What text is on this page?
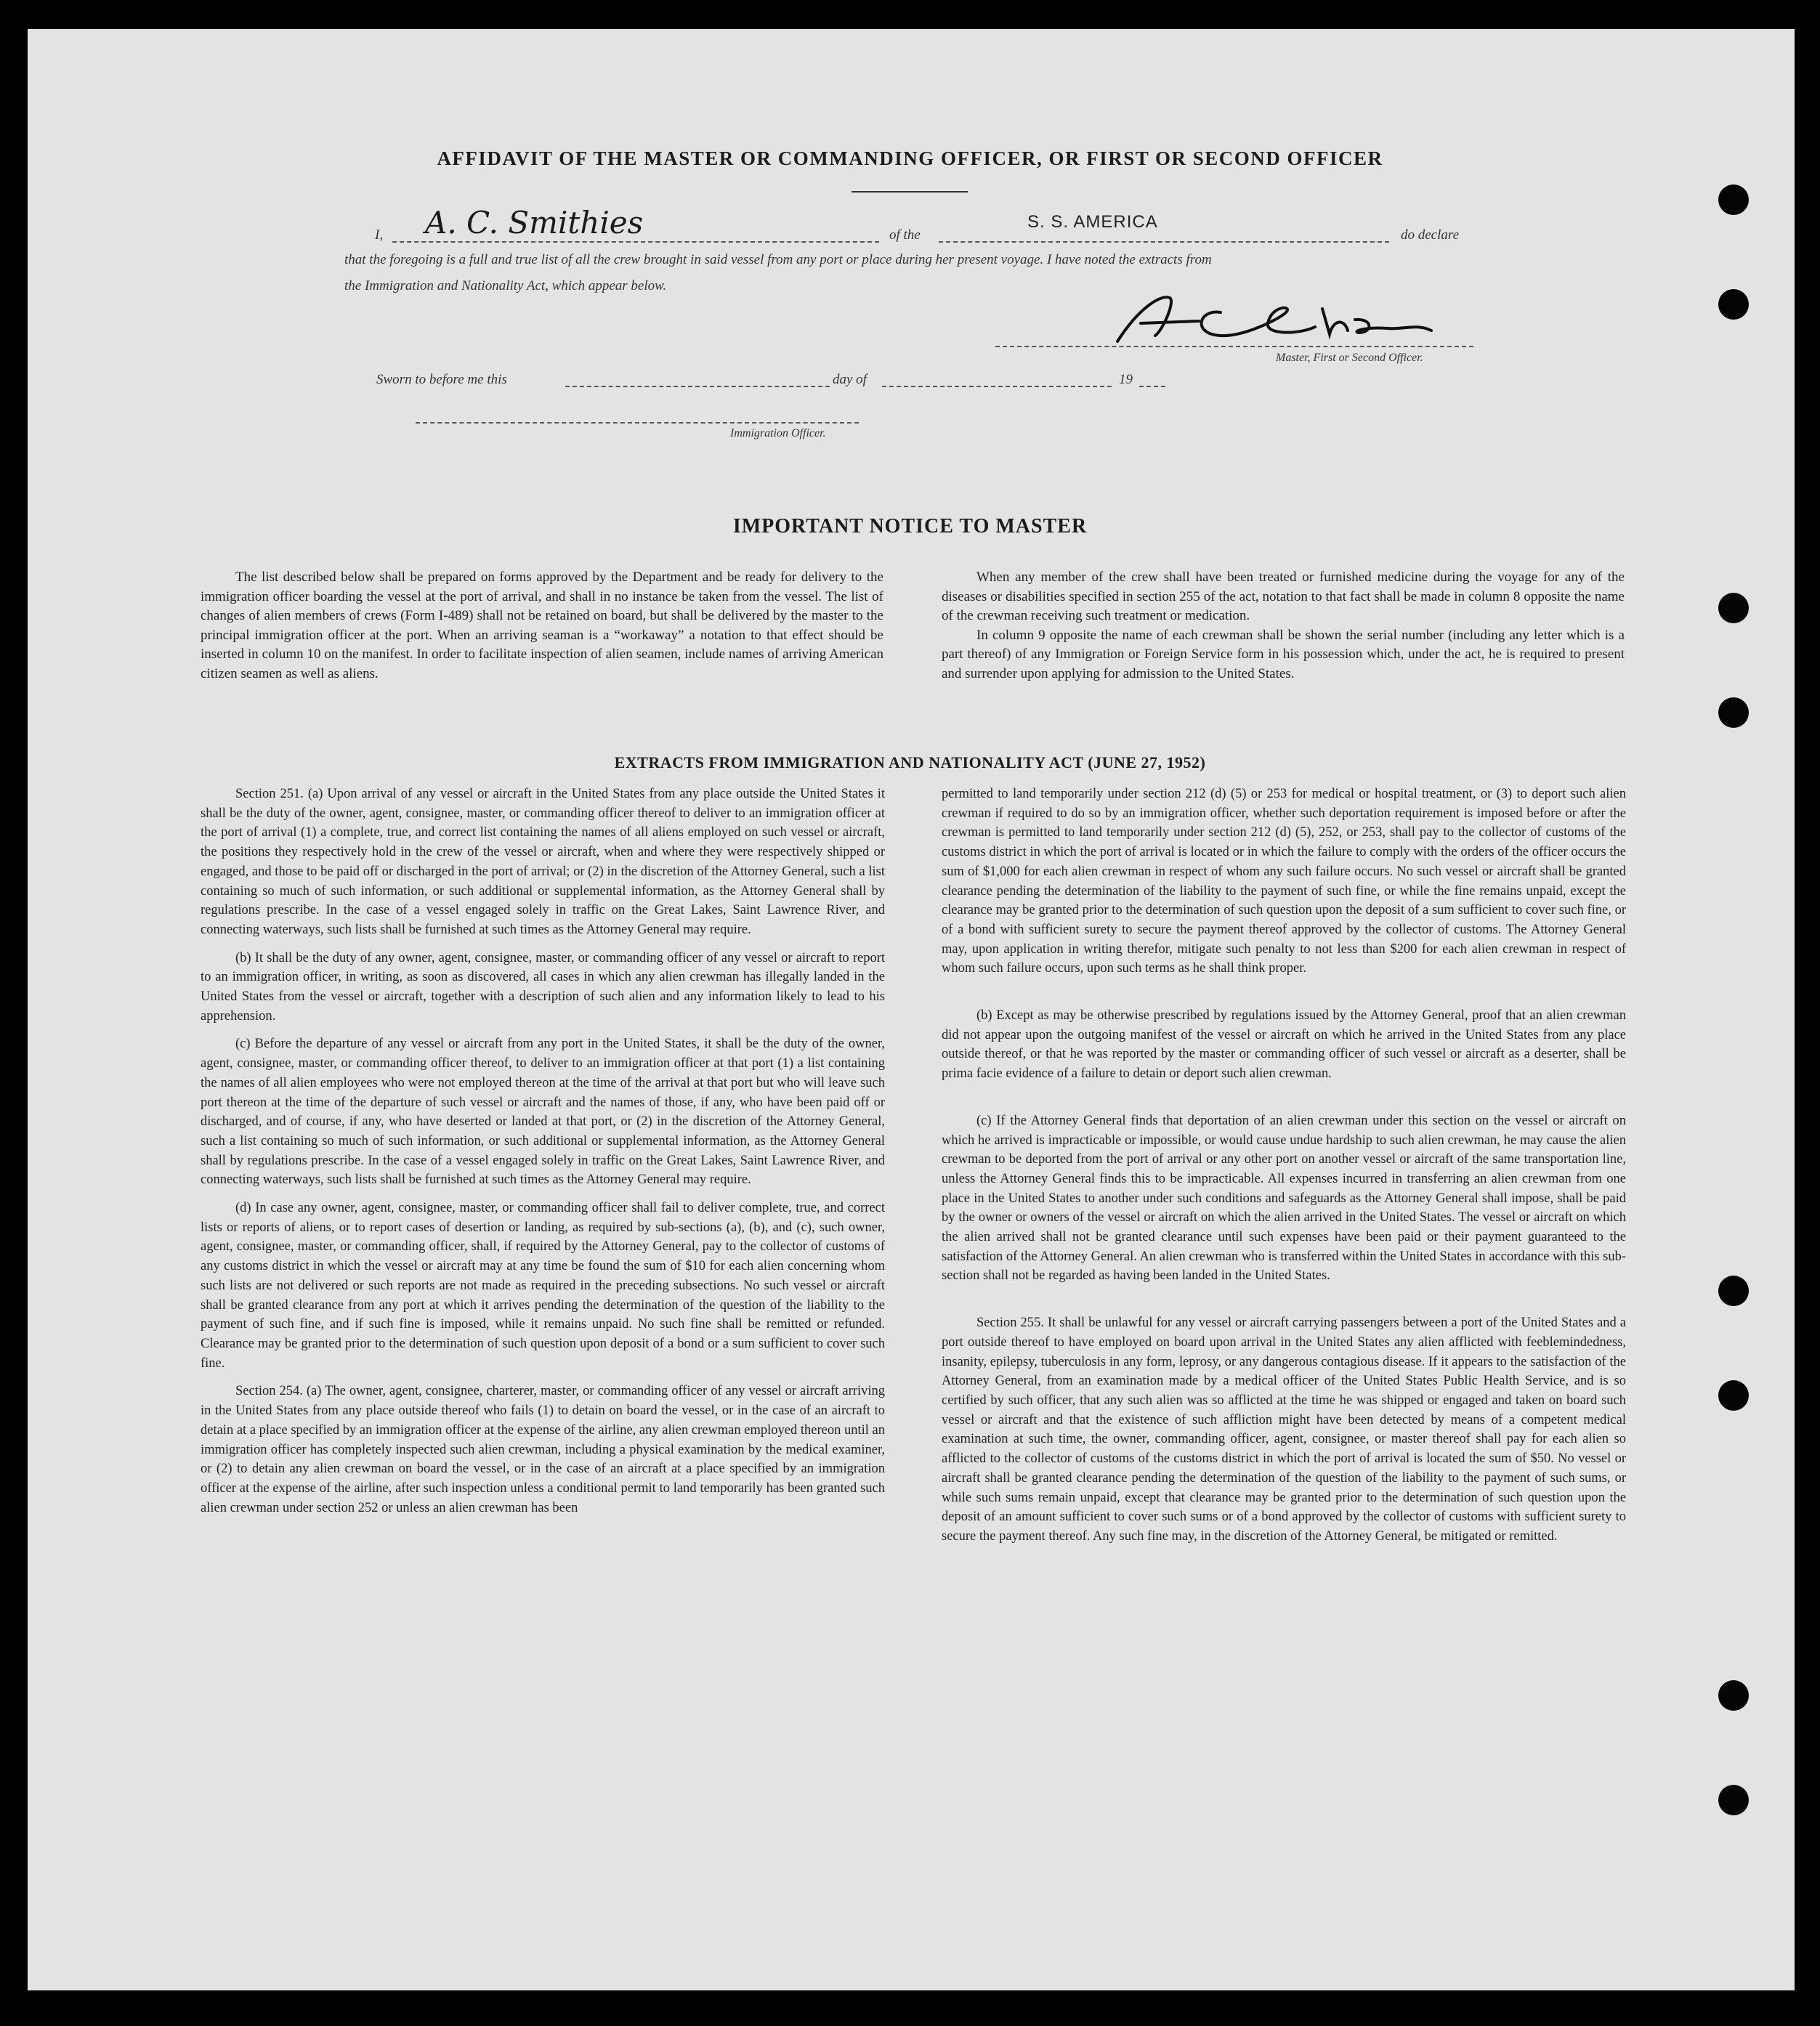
AFFIDAVIT OF THE MASTER OR COMMANDING OFFICER, OR FIRST OR SECOND OFFICER
I, A. C. Smithies	of the
S. S. AMERICA
do declare
that the foregoing is a full and true list of all the crew brought in said vessel from any port or place during her present voyage. I have noted the extracts from
the Immigration and Nationality Act, which appear below.
Master, First or Second Officer.
Sworn to before me this	day of	19
Immigration Officer.
IMPORTANT NOTICE TO MASTER

The list described below shall be prepared on forms approved by the Department and be ready for delivery to the immigration officer boarding the vessel at the port of arrival, and shall in no instance be taken from the vessel. The list of changes of alien members of crews (Form I-489) shall not be retained on board, but shall be delivered by the master to the principal immigration officer at the port. When an arriving seaman is a “workaway” a notation to that effect should be inserted in column 10 on the manifest. In order to facilitate inspection of alien seamen, include names of arriving American citizen seamen as well as aliens.

When any member of the crew shall have been treated or furnished medicine during the voyage for any of the diseases or disabilities specified in section 255 of the act, notation to that fact shall be made in column 8 opposite the name of the crewman receiving such treatment or medication.

In column 9 opposite the name of each crewman shall be shown the serial number (including any letter which is a part thereof) of any Immigration or Foreign Service form in his possession which, under the act, he is required to present and surrender upon applying for admission to the United States.

EXTRACTS FROM IMMIGRATION AND NATIONALITY ACT (JUNE 27, 1952)

Section 251. (a) Upon arrival of any vessel or aircraft in the United States from any place outside the United States it shall be the duty of the owner, agent, consignee, master, or commanding officer thereof to deliver to an immigration officer at the port of arrival (1) a complete, true, and correct list containing the names of all aliens employed on such vessel or aircraft, the positions they respectively hold in the crew of the vessel or aircraft, when and where they were respectively shipped or engaged, and those to be paid off or discharged in the port of arrival; or (2) in the discretion of the Attorney General, such a list containing so much of such information, or such additional or supplemental information, as the Attorney General shall by regulations prescribe. In the case of a vessel engaged solely in traffic on the Great Lakes, Saint Lawrence River, and connecting waterways, such lists shall be furnished at such times as the Attorney General may require.

(b) It shall be the duty of any owner, agent, consignee, master, or commanding officer of any vessel or aircraft to report to an immigration officer, in writing, as soon as discovered, all cases in which any alien crewman has illegally landed in the United States from the vessel or aircraft, together with a description of such alien and any information likely to lead to his apprehension.

(c) Before the departure of any vessel or aircraft from any port in the United States, it shall be the duty of the owner, agent, consignee, master, or commanding officer thereof, to deliver to an immigration officer at that port (1) a list containing the names of all alien employees who were not employed thereon at the time of the arrival at that port but who will leave such port thereon at the time of the departure of such vessel or aircraft and the names of those, if any, who have been paid off or discharged, and of course, if any, who have deserted or landed at that port, or (2) in the discretion of the Attorney General, such a list containing so much of such information, or such additional or supplemental information, as the Attorney General shall by regulations prescribe. In the case of a vessel engaged solely in traffic on the Great Lakes, Saint Lawrence River, and connecting waterways, such lists shall be furnished at such times as the Attorney General may require.

(d) In case any owner, agent, consignee, master, or commanding officer shall fail to deliver complete, true, and correct lists or reports of aliens, or to report cases of desertion or landing, as required by sub-sections (a), (b), and (c), such owner, agent, consignee, master, or commanding officer, shall, if required by the Attorney General, pay to the collector of customs of any customs district in which the vessel or aircraft may at any time be found the sum of $10 for each alien concerning whom such lists are not delivered or such reports are not made as required in the preceding subsections. No such vessel or aircraft shall be granted clearance from any port at which it arrives pending the determination of the question of the liability to the payment of such fine, and if such fine is imposed, while it remains unpaid. No such fine shall be remitted or refunded. Clearance may be granted prior to the determination of such question upon deposit of a bond or a sum sufficient to cover such fine.

Section 254. (a) The owner, agent, consignee, charterer, master, or commanding officer of any vessel or aircraft arriving in the United States from any place outside thereof who fails (1) to detain on board the vessel, or in the case of an aircraft to detain at a place specified by an immigration officer at the expense of the airline, any alien crewman employed thereon until an immigration officer has completely inspected such alien crewman, including a physical examination by the medical examiner, or (2) to detain any alien crewman on board the vessel, or in the case of an aircraft at a place specified by an immigration officer at the expense of the airline, after such inspection unless a conditional permit to land temporarily has been granted such alien crewman under section 252 or unless an alien crewman has been

permitted to land temporarily under section 212 (d) (5) or 253 for medical or hospital treatment, or (3) to deport such alien crewman if required to do so by an immigration officer, whether such deportation requirement is imposed before or after the crewman is permitted to land temporarily under section 212 (d) (5), 252, or 253, shall pay to the collector of customs of the customs district in which the port of arrival is located or in which the failure to comply with the orders of the officer occurs the sum of $1,000 for each alien crewman in respect of whom any such failure occurs. No such vessel or aircraft shall be granted clearance pending the determination of the liability to the payment of such fine, or while the fine remains unpaid, except the clearance may be granted prior to the determination of such question upon the deposit of a sum sufficient to cover such fine, or of a bond with sufficient surety to secure the payment thereof approved by the collector of customs. The Attorney General may, upon application in writing therefor, mitigate such penalty to not less than $200 for each alien crewman in respect of whom such failure occurs, upon such terms as he shall think proper.

(b) Except as may be otherwise prescribed by regulations issued by the Attorney General, proof that an alien crewman did not appear upon the outgoing manifest of the vessel or aircraft on which he arrived in the United States from any place outside thereof, or that he was reported by the master or commanding officer of such vessel or aircraft as a deserter, shall be prima facie evidence of a failure to detain or deport such alien crewman.

(c) If the Attorney General finds that deportation of an alien crewman under this section on the vessel or aircraft on which he arrived is impracticable or impossible, or would cause undue hardship to such alien crewman, he may cause the alien crewman to be deported from the port of arrival or any other port on another vessel or aircraft of the same transportation line, unless the Attorney General finds this to be impracticable. All expenses incurred in transferring an alien crewman from one place in the United States to another under such conditions and safeguards as the Attorney General shall impose, shall be paid by the owner or owners of the vessel or aircraft on which the alien arrived in the United States. The vessel or aircraft on which the alien arrived shall not be granted clearance until such expenses have been paid or their payment guaranteed to the satisfaction of the Attorney General. An alien crewman who is transferred within the United States in accordance with this sub-section shall not be regarded as having been landed in the United States.

Section 255. It shall be unlawful for any vessel or aircraft carrying passengers between a port of the United States and a port outside thereof to have employed on board upon arrival in the United States any alien afflicted with feeblemindedness, insanity, epilepsy, tuberculosis in any form, leprosy, or any dangerous contagious disease. If it appears to the satisfaction of the Attorney General, from an examination made by a medical officer of the United States Public Health Service, and is so certified by such officer, that any such alien was so afflicted at the time he was shipped or engaged and taken on board such vessel or aircraft and that the existence of such affliction might have been detected by means of a competent medical examination at such time, the owner, commanding officer, agent, consignee, or master thereof shall pay for each alien so afflicted to the collector of customs of the customs district in which the port of arrival is located the sum of $50. No vessel or aircraft shall be granted clearance pending the determination of the question of the liability to the payment of such sums, or while such sums remain unpaid, except that clearance may be granted prior to the determination of such question upon the deposit of an amount sufficient to cover such sums or of a bond approved by the collector of customs with sufficient surety to secure the payment thereof. Any such fine may, in the discretion of the Attorney General, be mitigated or remitted.
